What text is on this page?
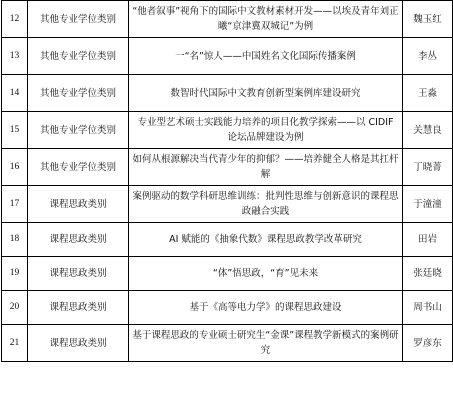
12	其他专业学位类别	“他者叙事”视角下的国际中文教材素材开发——以埃及青年刘正曦“京津冀双城记”为例	魏玉红
13	其他专业学位类别	一“名”惊人——中国姓名文化国际传播案例	李丛
14	其他专业学位类别	数智时代国际中文教育创新型案例库建设研究	王淼
15	其他专业学位类别	专业型艺术硕士实践能力培养的项目化教学探索——以 CIDIF 论坛品牌建设为例	关慧良
16	其他专业学位类别	如何从根源解决当代青少年的抑郁？——培养健全人格是其扛杆解	丁晓菁
17	课程思政类别	案例驱动的数学科研思维训练：批判性思维与创新意识的课程思政融合实践	于潼潼
18	课程思政类别	AI 赋能的《抽象代数》课程思政教学改革研究	田岩
19	课程思政类别	“体”悟思政，“育”见未来	张廷晓
20	课程思政类别	基于《高等电力学》的课程思政建设	周书山
21	课程思政类别	基于课程思政的专业硕士研究生“金课”课程教学新模式的案例研究	罗彦东
